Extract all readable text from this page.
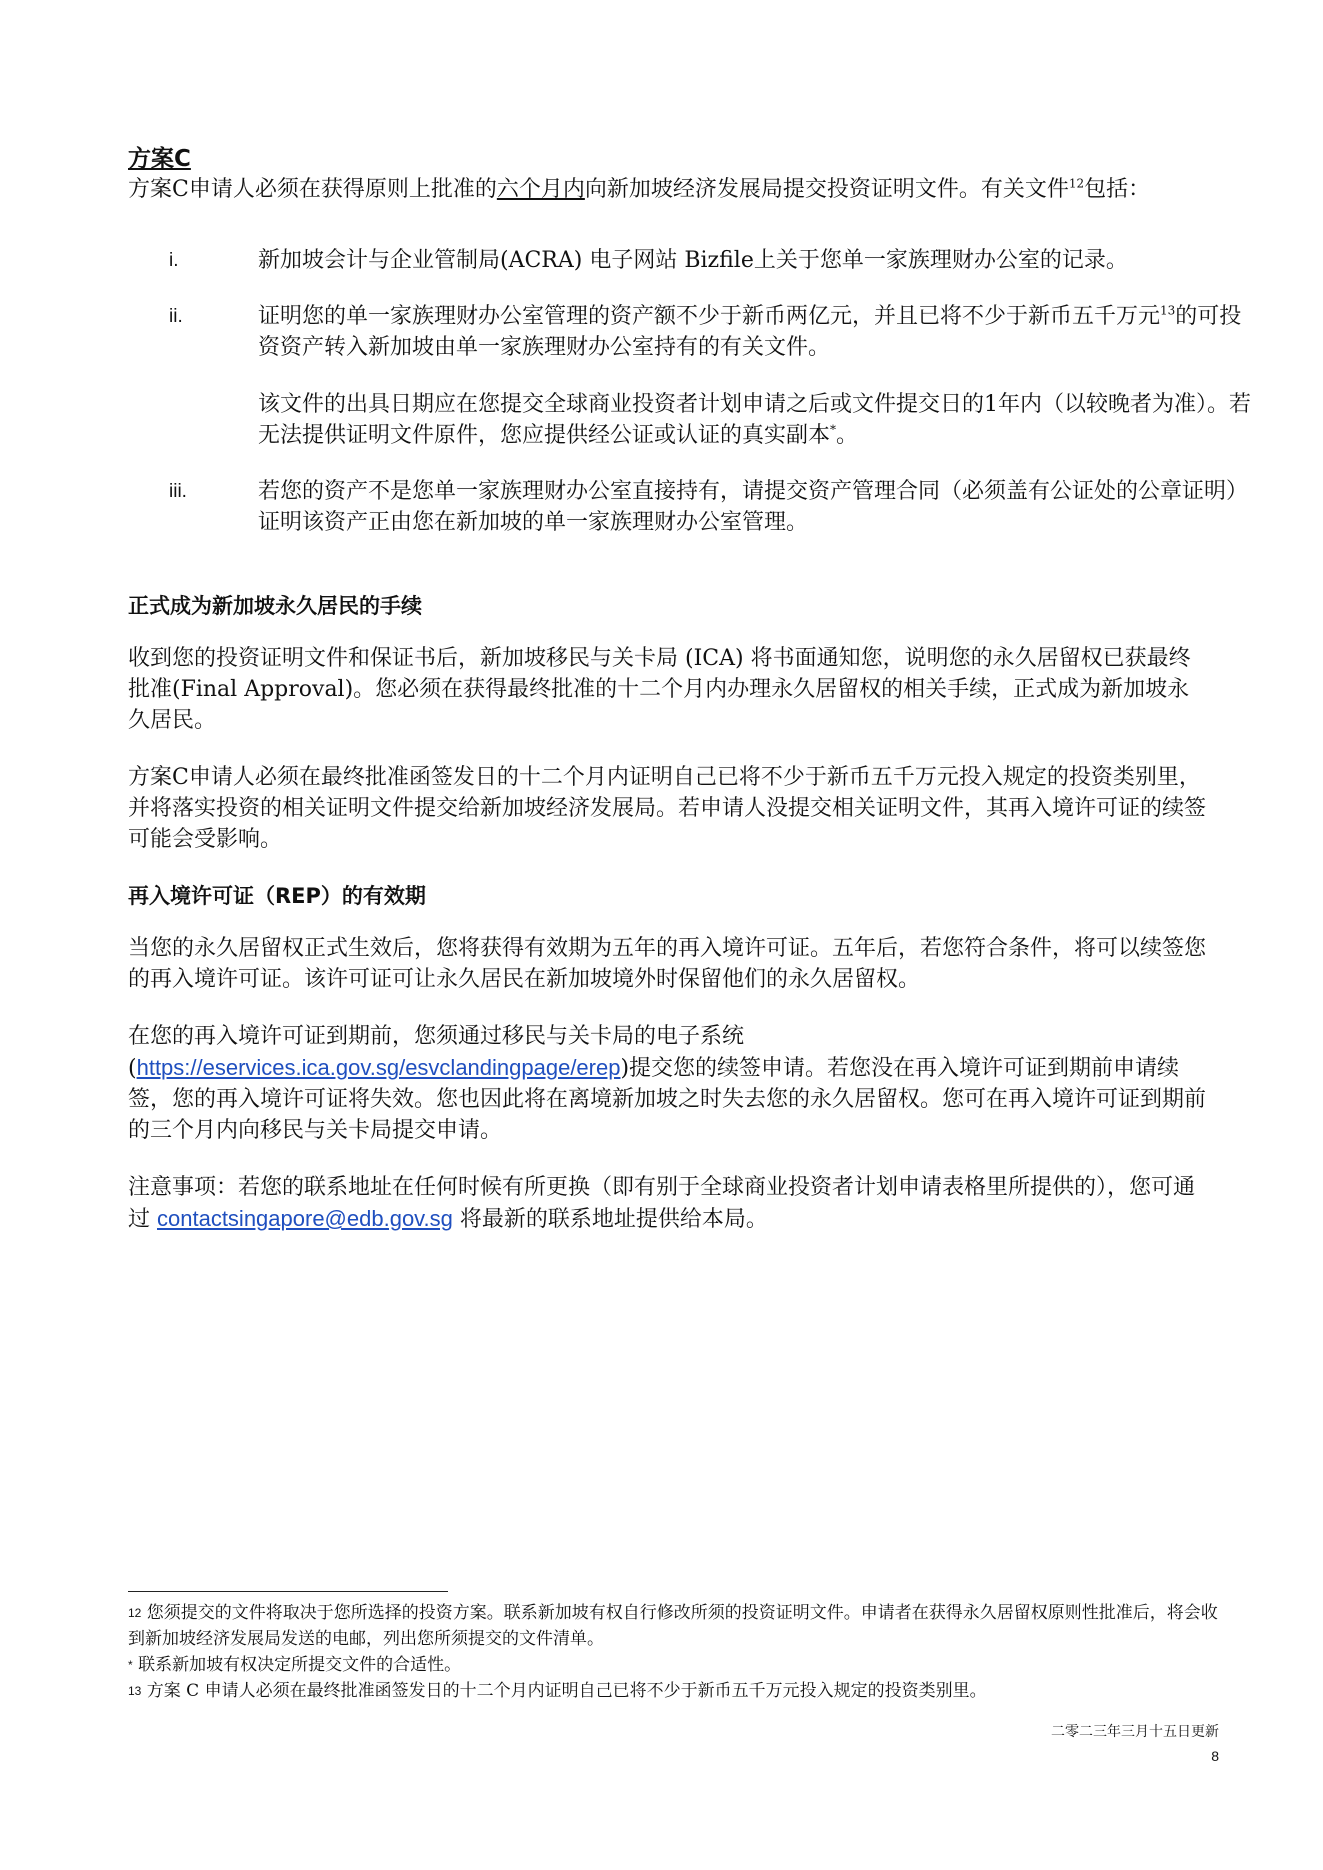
方案C

方案C申请人必须在获得原则上批准的六个月内向新加坡经济发展局提交投资证明文件。有关文件$^{12}$包括：

i.	新加坡会计与企业管制局(ACRA) 电子网站 Bizfile上关于您单一家族理财办公室的记录。

ii.	证明您的单一家族理财办公室管理的资产额不少于新币两亿元，并且已将不少于新币五千万元$^{13}$的可投资资产转入新加坡由单一家族理财办公室持有的有关文件。

该文件的出具日期应在您提交全球商业投资者计划申请之后或文件提交日的1年内（以较晚者为准）。若无法提供证明文件原件，您应提供经公证或认证的真实副本*。

iii.	若您的资产不是您单一家族理财办公室直接持有，请提交资产管理合同（必须盖有公证处的公章证明）证明该资产正由您在新加坡的单一家族理财办公室管理。

正式成为新加坡永久居民的手续

收到您的投资证明文件和保证书后，新加坡移民与关卡局 (ICA) 将书面通知您，说明您的永久居留权已获最终批准(Final Approval)。您必须在获得最终批准的十二个月内办理永久居留权的相关手续，正式成为新加坡永久居民。

方案C申请人必须在最终批准函签发日的十二个月内证明自己已将不少于新币五千万元投入规定的投资类别里，并将落实投资的相关证明文件提交给新加坡经济发展局。若申请人没提交相关证明文件，其再入境许可证的续签可能会受影响。

再入境许可证（REP）的有效期

当您的永久居留权正式生效后，您将获得有效期为五年的再入境许可证。五年后，若您符合条件，将可以续签您的再入境许可证。该许可证可让永久居民在新加坡境外时保留他们的永久居留权。

在您的再入境许可证到期前，您须通过移民与关卡局的电子系统(https://eservices.ica.gov.sg/esvclandingpage/erep)提交您的续签申请。若您没在再入境许可证到期前申请续签，您的再入境许可证将失效。您也因此将在离境新加坡之时失去您的永久居留权。您可在再入境许可证到期前的三个月内向移民与关卡局提交申请。

注意事项：若您的联系地址在任何时候有所更换（即有别于全球商业投资者计划申请表格里所提供的），您可通过 contactsingapore@edb.gov.sg 将最新的联系地址提供给本局。

$^{12}$ 您须提交的文件将取决于您所选择的投资方案。联系新加坡有权自行修改所须的投资证明文件。申请者在获得永久居留权原则性批准后，将会收到新加坡经济发展局发送的电邮，列出您所须提交的文件清单。

* 联系新加坡有权决定所提交文件的合适性。

$^{13}$ 方案 C 申请人必须在最终批准函签发日的十二个月内证明自己已将不少于新币五千万元投入规定的投资类别里。

二零二三年三月十五日更新
8
